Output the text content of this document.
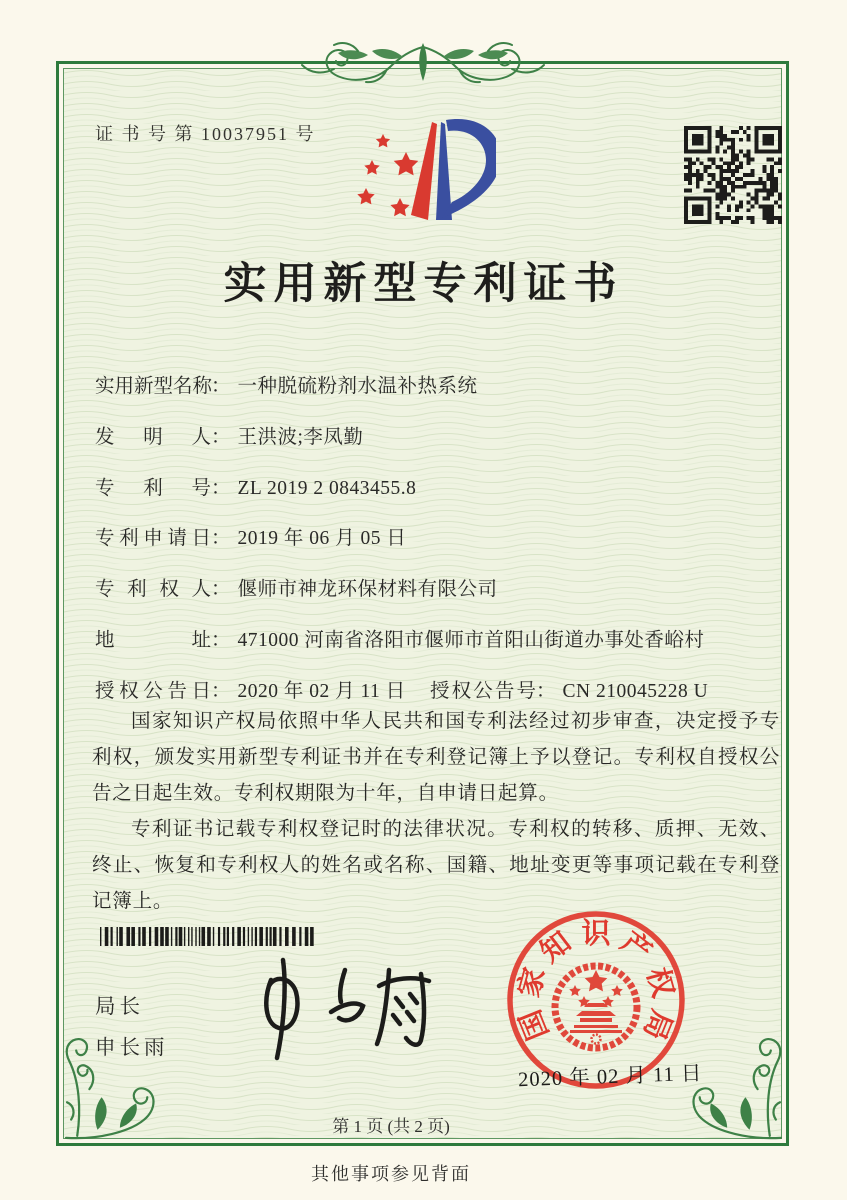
证 书 号 第 10037951 号
实用新型专利证书
实用新型名称： 一种脱硫粉剂水温补热系统
发明人： 王洪波;李凤勤
专利号： ZL 2019 2 0843455.8
专利申请日： 2019 年 06 月 05 日
专利权人： 偃师市神龙环保材料有限公司
地址： 471000 河南省洛阳市偃师市首阳山街道办事处香峪村
授权公告日： 2020 年 02 月 11 日 授权公告号： CN 210045228 U

国家知识产权局依照中华人民共和国专利法经过初步审查，决定授予专利权，颁发实用新型专利证书并在专利登记簿上予以登记。专利权自授权公告之日起生效。专利权期限为十年，自申请日起算。

专利证书记载专利权登记时的法律状况。专利权的转移、质押、无效、终止、恢复和专利权人的姓名或名称、国籍、地址变更等事项记载在专利登记簿上。

国
家
知 识 产
权
局
2020 年 02 月 11 日
局长
申长雨
第 1 页 (共 2 页)
其他事项参见背面
